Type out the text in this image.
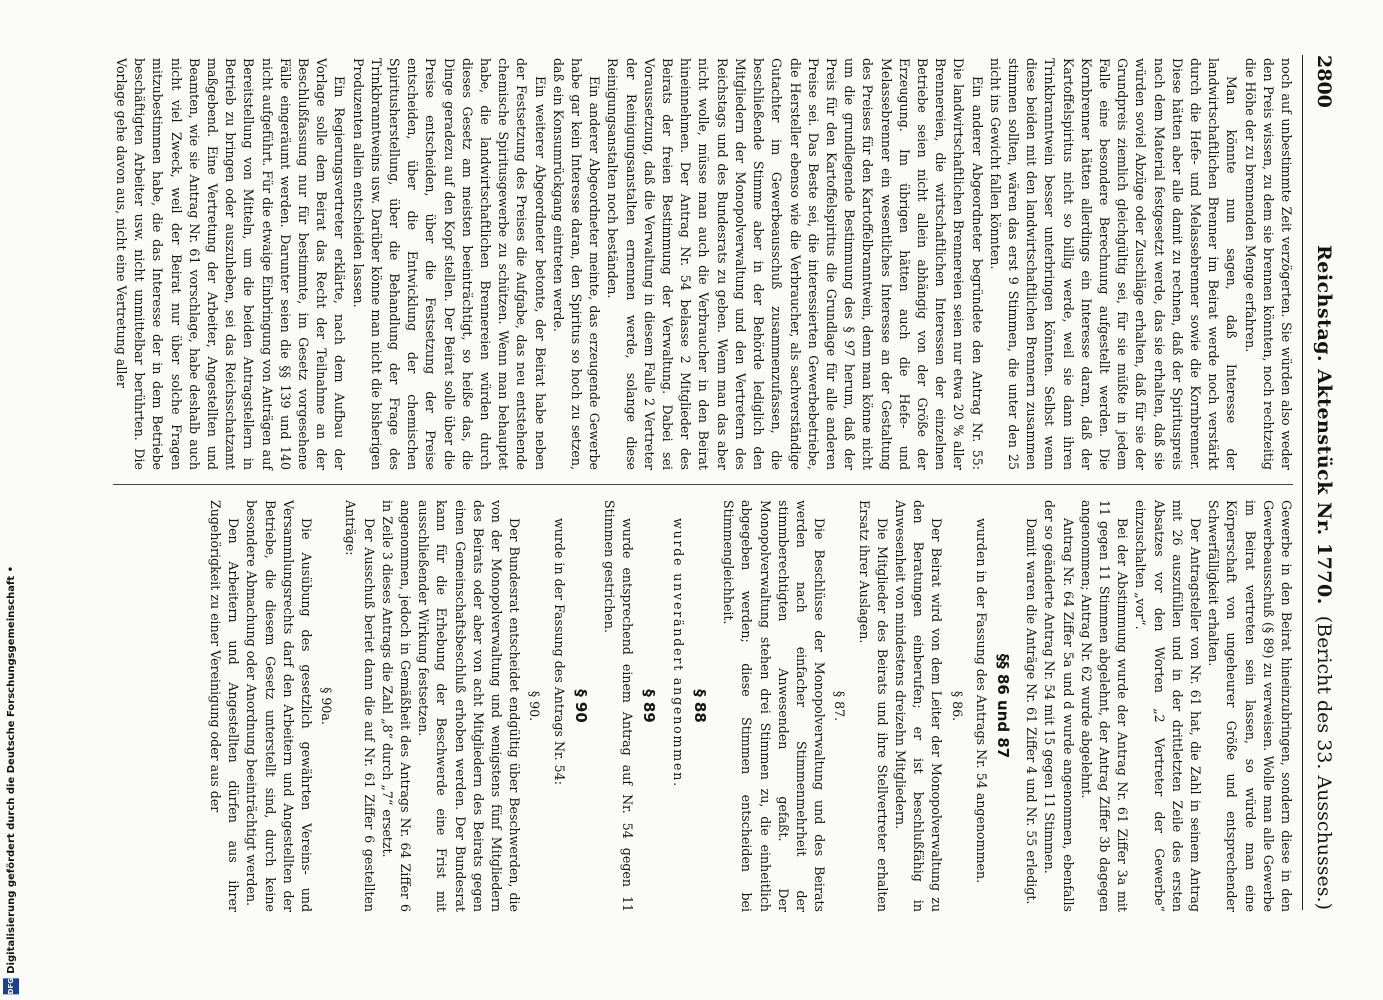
2800
Reichstag. Aktenstück Nr. 1770.
(Bericht des 33. Ausschusses.)

noch auf unbestimmte Zeit verzögerten. Sie würden also weder den Preis wissen, zu dem sie brennen könnten, noch rechtzeitig die Höhe der zu brennenden Menge erfahren.

Man könnte nun sagen, daß Interesse der landwirtschaftlichen Brenner im Beirat werde noch verstärkt durch die Hefe- und Melassebrenner sowie die Kornbrenner. Diese hätten aber alle damit zu rechnen, daß der Spirituspreis nach dem Material festgesetzt werde, das sie erhalten, daß sie würden soviel Abzüge oder Zuschläge erhalten, daß für sie der Grundpreis ziemlich gleichgültig sei, für sie müßte in jedem Falle eine besondere Berechnung aufgestellt werden. Die Kornbrenner hätten allerdings ein Interesse daran, daß der Kartoffelspiritus nicht so billig werde, weil sie dann ihren Trinkbranntwein besser unterbringen könnten. Selbst wenn diese beiden mit den landwirtschaftlichen Brennern zusammen stimmen sollten, wären das erst 9 Stimmen, die unter den 25 nicht ins Gewicht fallen könnten.

Ein anderer Abgeordneter begründete den Antrag Nr. 55: Die landwirtschaftlichen Brennereien seien nur etwa 20 % aller Brennereien, die wirtschaftlichen Interessen der einzelnen Betriebe seien nicht allein abhängig von der Größe der Erzeugung. Im übrigen hätten auch die Hefe- und Melassebrenner ein wesentliches Interesse an der Gestaltung des Preises für den Kartoffelbranntwein, denn man könne nicht um die grundlegende Bestimmung des § 97 herum, daß der Preis für den Kartoffelspiritus die Grundlage für alle anderen Preise sei. Das Beste sei, die interessierten Gewerbebetriebe, die Hersteller ebenso wie die Verbraucher, als sachverständige Gutachter im Gewerbeausschuß zusammenzufassen, die beschließende Stimme aber in der Behörde lediglich den Mitgliedern der Monopolverwaltung und den Vertretern des Reichstags und des Bundesrats zu geben. Wenn man das aber nicht wolle, müsse man auch die Verbraucher in den Beirat hineinnehmen. Der Antrag Nr. 54 belasse 2 Mitglieder des Beirats der freien Bestimmung der Verwaltung. Dabei sei Voraussetzung, daß die Verwaltung in diesem Falle 2 Vertreter der Reinigungsanstalten ernennen werde, solange diese Reinigungsanstalten noch beständen.

Ein anderer Abgeordneter meinte, das erzeugende Gewerbe habe gar kein Interesse daran, den Spiritus so hoch zu setzen, daß ein Konsumrückgang eintreten werde.

Ein weiterer Abgeordneter betonte, der Beirat habe neben der Festsetzung des Preises die Aufgabe, das neu entstehende chemische Spiritusgewerbe zu schützen. Wenn man behauptet habe, die landwirtschaftlichen Brennereien würden durch dieses Gesetz am meisten beeinträchtigt, so heiße das, die Dinge geradezu auf den Kopf stellen. Der Beirat solle über die Preise entscheiden, über die Festsetzung der Preise entscheiden, über die Entwicklung der chemischen Spiritusherstellung, über die Behandlung der Frage des Trinkbranntweins usw. Darüber könne man nicht die bisherigen Produzenten allein entscheiden lassen.

Ein Regierungsvertreter erklärte, nach dem Aufbau der Vorlage solle dem Beirat das Recht der Teilnahme an der Beschlußfassung nur für bestimmte, im Gesetz vorgesehene Fälle eingeräumt werden. Darunter seien die §§ 139 und 140 nicht aufgeführt. Für die etwaige Einbringung von Anträgen auf Bereitstellung von Mitteln, um die beiden Antragstellern in Betrieb zu bringen oder auszuheben, sei das Reichsschatzamt maßgebend. Eine Vertretung der Arbeiter, Angestellten und Beamten, wie sie Antrag Nr. 61 vorschlage, habe deshalb auch nicht viel Zweck, weil der Beirat nur über solche Fragen mitzubestimmen habe, die das Interesse der in dem Betriebe beschäftigten Arbeiter usw. nicht unmittelbar berührten. Die Vorlage gehe davon aus, nicht eine Vertretung aller

Gewerbe in den Beirat hineinzubringen, sondern diese in den Gewerbeausschuß (§ 89) zu verweisen. Wolle man alle Gewerbe im Beirat vertreten sein lassen, so würde man eine Körperschaft von ungeheurer Größe und entsprechender Schwerfälligkeit erhalten.

Der Antragsteller von Nr. 61 hat, die Zahl in seinem Antrag mit 26 auszufüllen und in der drittletzten Zeile des ersten Absatzes vor den Worten „2 Vertreter der Gewerbe“ einzuschalten „vor“.

Bei der Abstimmung wurde der Antrag Nr. 61 Ziffer 3a mit 11 gegen 11 Stimmen abgelehnt, der Antrag Ziffer 3b dagegen angenommen; Antrag Nr. 62 wurde abgelehnt.

Antrag Nr. 64 Ziffer 5a und d wurde angenommen, ebenfalls der so geänderte Antrag Nr. 54 mit 15 gegen 11 Stimmen.

Damit waren die Anträge Nr. 61 Ziffer 4 und Nr. 55 erledigt.

§§ 86 und 87

wurden in der Fassung des Antrags Nr. 54 angenommen.

§ 86.

Der Beirat wird von dem Leiter der Monopolverwaltung zu den Beratungen einberufen; er ist beschlußfähig in Anwesenheit von mindestens dreizehn Mitgliedern.

Die Mitglieder des Beirats und ihre Stellvertreter erhalten Ersatz ihrer Auslagen.

§ 87.

Die Beschlüsse der Monopolverwaltung und des Beirats werden nach einfacher Stimmenmehrheit der stimmberechtigten Anwesenden gefaßt. Der Monopolverwaltung stehen drei Stimmen zu, die einheitlich abgegeben werden; diese Stimmen entscheiden bei Stimmengleichheit.

§ 88

wurde unverändert angenommen.

§ 89

wurde entsprechend einem Antrag auf Nr. 54 gegen 11 Stimmen gestrichen.

§ 90

wurde in der Fassung des Antrags Nr. 54:

§ 90.

Der Bundesrat entscheidet endgültig über Beschwerden, die von der Monopolverwaltung und wenigstens fünf Mitgliedern des Beirats oder aber von acht Mitgliedern des Beirats gegen einen Gemeinschaftsbeschluß erhoben werden. Der Bundesrat kann für die Erhebung der Beschwerde eine Frist mit ausschließender Wirkung festsetzen.

angenommen, jedoch in Gemäßheit des Antrags Nr. 64 Ziffer 6 in Zeile 3 dieses Antrags die Zahl „8“ durch „7“ ersetzt.

Der Ausschuß beriet dann die auf Nr. 61 Ziffer 6 gestellten Anträge:

§ 90a.

Die Ausübung des gesetzlich gewährten Vereins- und Versammlungsrechts darf den Arbeitern und Angestellten der Betriebe, die diesem Gesetz unterstellt sind, durch keine besondere Abmachung oder Anordnung beeinträchtigt werden.

Den Arbeitern und Angestellten dürfen aus ihrer Zugehörigkeit zu einer Vereinigung oder aus der

Digitalisierung gefördert durch die Deutsche Forschungsgemeinschaft •
DFG
